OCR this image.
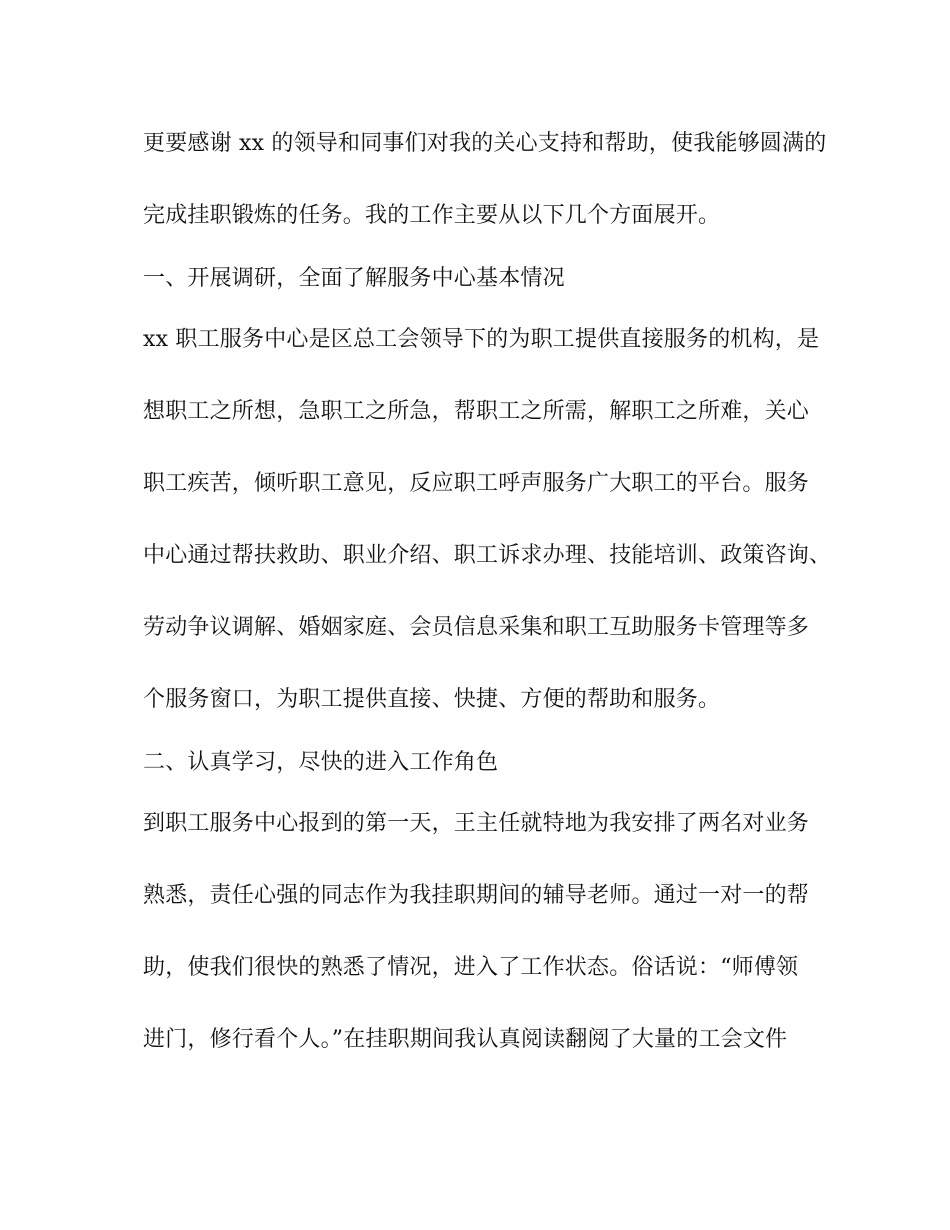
更要感谢 xx 的领导和同事们对我的关心支持和帮助，使我能够圆满的
完成挂职锻炼的任务。我的工作主要从以下几个方面展开。
一、开展调研，全面了解服务中心基本情况
xx 职工服务中心是区总工会领导下的为职工提供直接服务的机构，是
想职工之所想，急职工之所急，帮职工之所需，解职工之所难，关心
职工疾苦，倾听职工意见，反应职工呼声服务广大职工的平台。服务
中心通过帮扶救助、职业介绍、职工诉求办理、技能培训、政策咨询、
劳动争议调解、婚姻家庭、会员信息采集和职工互助服务卡管理等多
个服务窗口，为职工提供直接、快捷、方便的帮助和服务。
二、认真学习，尽快的进入工作角色
到职工服务中心报到的第一天，王主任就特地为我安排了两名对业务
熟悉，责任心强的同志作为我挂职期间的辅导老师。通过一对一的帮
助，使我们很快的熟悉了情况，进入了工作状态。俗话说：“师傅领
进门，修行看个人。”在挂职期间我认真阅读翻阅了大量的工会文件
